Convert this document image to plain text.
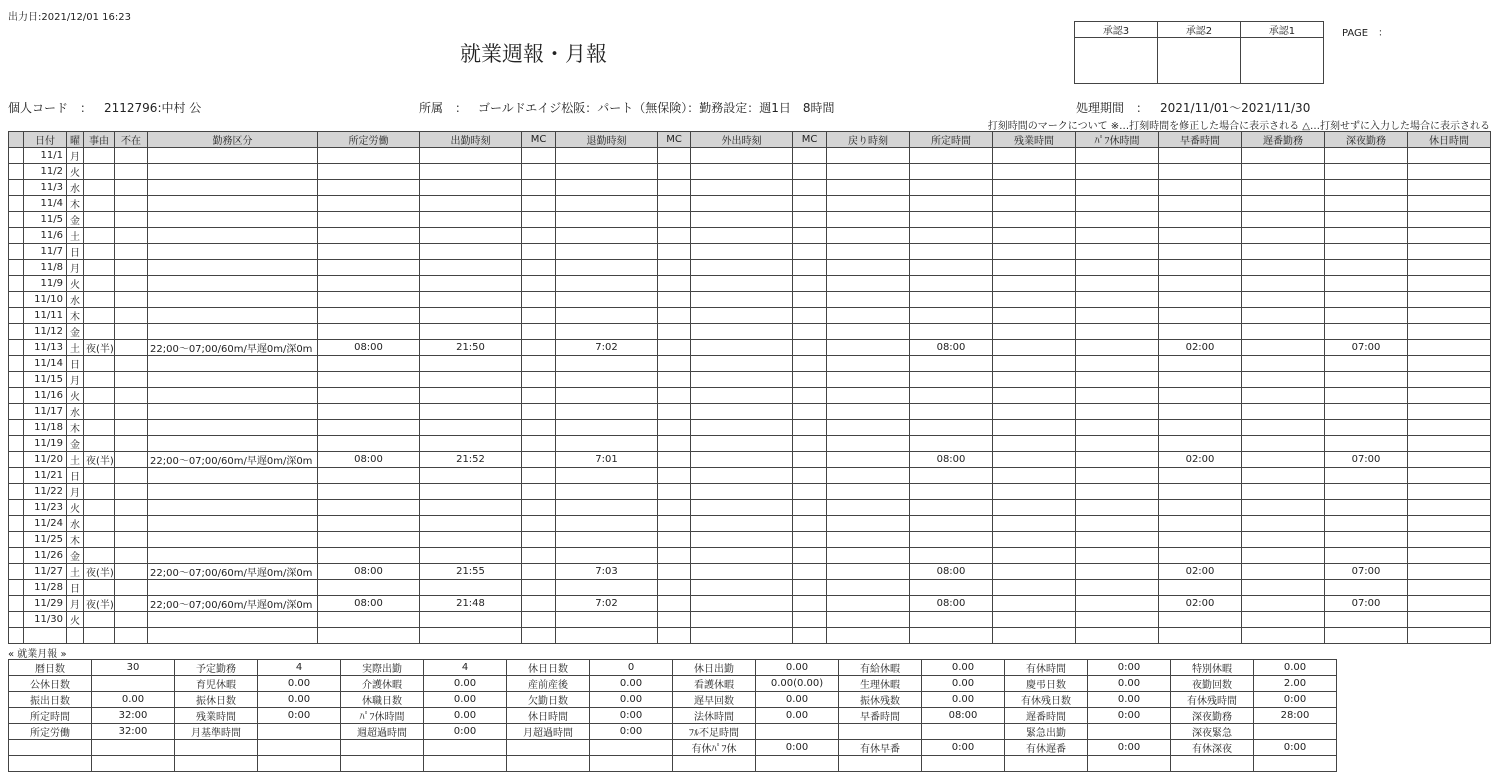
出力日:2021/12/01 16:23
就業週報・月報
PAGE　：
承認3	承認2	承認1

個人コード　： 2112796:中村 公	所属　： ゴールドエイジ松阪：パート（無保険）：勤務設定：週1日　8時間	処理期間　： 2021/11/01～2021/11/30
打刻時間のマークについて ※…打刻時間を修正した場合に表示される △…打刻せずに入力した場合に表示される
	日付	曜	事由	不在	勤務区分	所定労働	出勤時刻	MC	退勤時刻	MC	外出時刻	MC	戻り時刻	所定時間	残業時間	ﾊﾟﾌ休時間	早番時間	遅番勤務	深夜勤務	休日時間
	11/1	月																		
	11/2	火																		
	11/3	水																		
	11/4	木																		
	11/5	金																		
	11/6	土																		
	11/7	日																		
	11/8	月																		
	11/9	火																		
	11/10	水																		
	11/11	木																		
	11/12	金																		
	11/13	土	夜(半)		22;00～07;00/60m/早遅0m/深0m	08:00	21:50		7:02					08:00			02:00		07:00	
	11/14	日																		
	11/15	月																		
	11/16	火																		
	11/17	水																		
	11/18	木																		
	11/19	金																		
	11/20	土	夜(半)		22;00～07;00/60m/早遅0m/深0m	08:00	21:52		7:01					08:00			02:00		07:00	
	11/21	日																		
	11/22	月																		
	11/23	火																		
	11/24	水																		
	11/25	木																		
	11/26	金																		
	11/27	土	夜(半)		22;00～07;00/60m/早遅0m/深0m	08:00	21:55		7:03					08:00			02:00		07:00	
	11/28	日																		
	11/29	月	夜(半)		22;00～07;00/60m/早遅0m/深0m	08:00	21:48		7:02					08:00			02:00		07:00	
	11/30	火																		

« 就業月報 »
暦日数	30	予定勤務	4	実際出勤	4	休日日数	0	休日出勤	0.00	有給休暇	0.00	有休時間	0:00	特別休暇	0.00
公休日数		育児休暇	0.00	介護休暇	0.00	産前産後	0.00	看護休暇	0.00(0.00)	生理休暇	0.00	慶弔日数	0.00	夜勤回数	2.00
振出日数	0.00	振休日数	0.00	休職日数	0.00	欠勤日数	0.00	遅早回数	0.00	振休残数	0.00	有休残日数	0.00	有休残時間	0:00
所定時間	32:00	残業時間	0:00	ﾊﾟﾌ休時間	0.00	休日時間	0:00	法休時間	0.00	早番時間	08:00	遅番時間	0:00	深夜勤務	28:00
所定労働	32:00	月基準時間		週超過時間	0:00	月超過時間	0:00	ﾌﾙ不足時間				緊急出勤		深夜緊急	
								有休ﾊﾟﾌ休	0:00	有休早番	0:00	有休遅番	0:00	有休深夜	0:00
